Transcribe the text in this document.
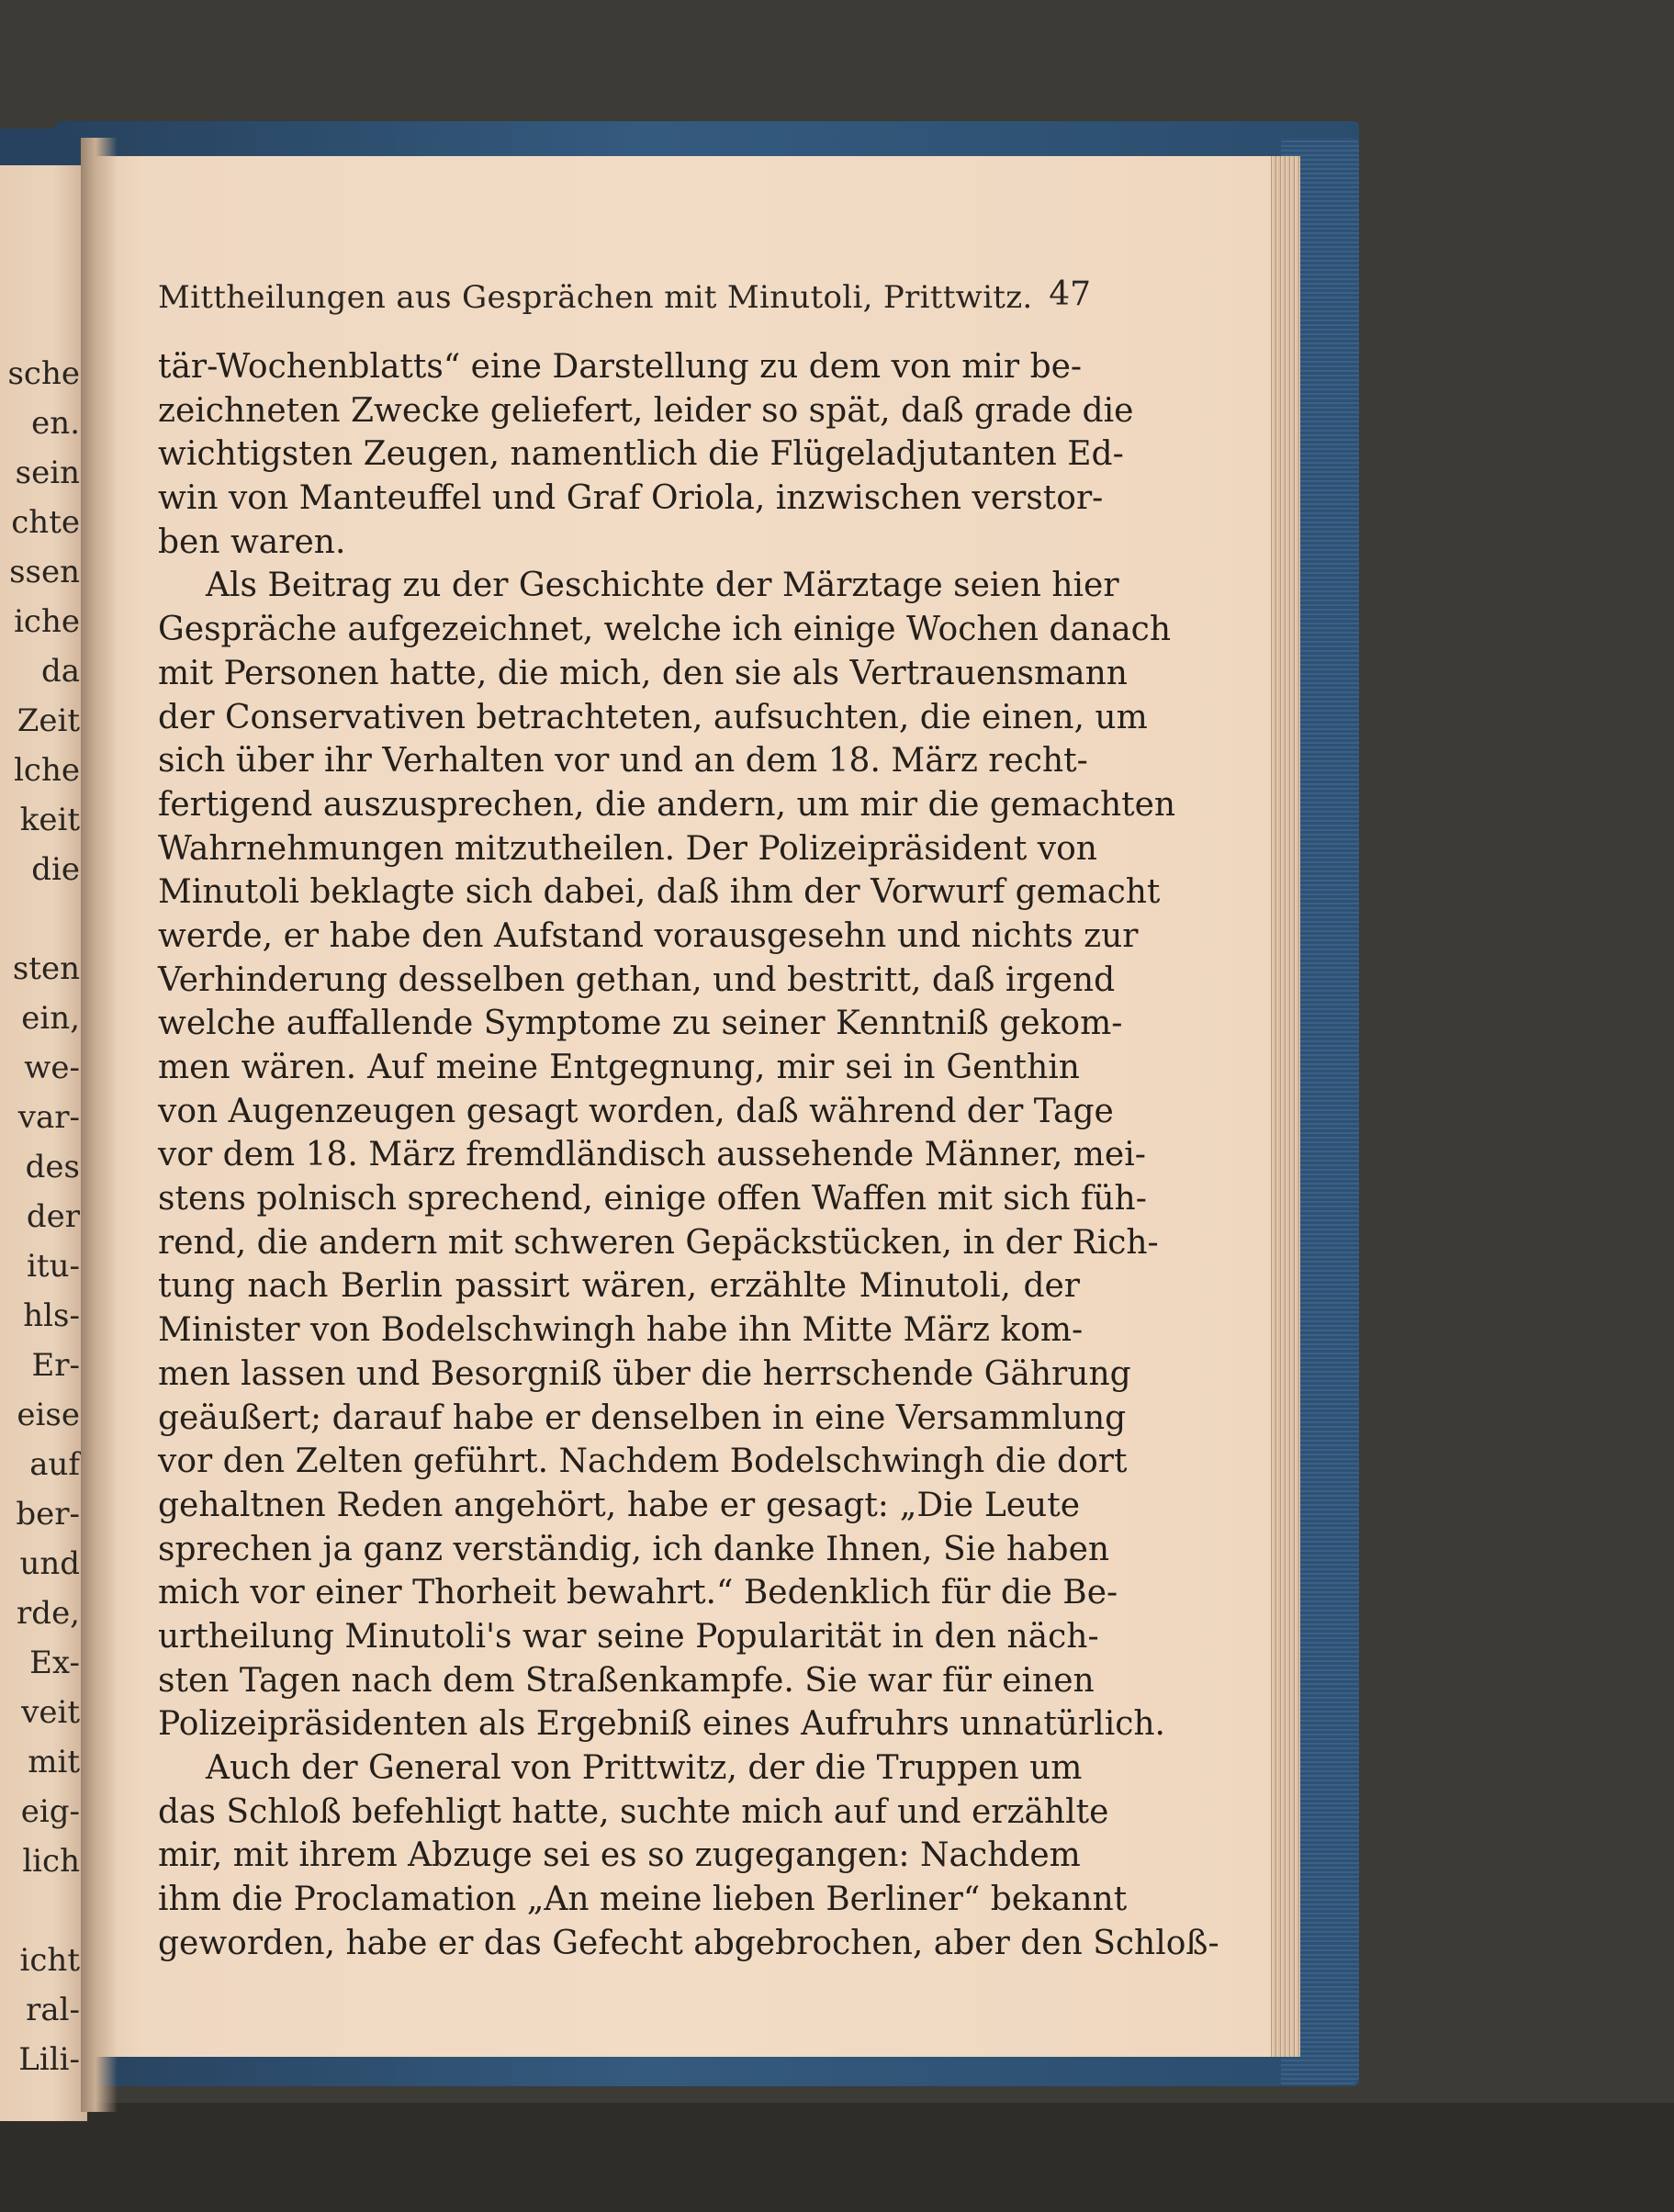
sche
en.
sein
chte
ssen
iche
da
Zeit
lche
keit
die
sten
ein,
we-
var-
des
der
itu-
hls-
Er-
eise
auf
ber-
und
rde,
Ex-
veit
mit
eig-
lich
icht
ral-
Lili-
Mittheilungen aus Gesprächen mit Minutoli, Prittwitz. 47
tär-Wochenblatts“ eine Darstellung zu dem von mir be-
zeichneten Zwecke geliefert, leider so spät, daß grade die
wichtigsten Zeugen, namentlich die Flügeladjutanten Ed-
win von Manteuffel und Graf Oriola, inzwischen verstor-
ben waren.
Als Beitrag zu der Geschichte der Märztage seien hier
Gespräche aufgezeichnet, welche ich einige Wochen danach
mit Personen hatte, die mich, den sie als Vertrauensmann
der Conservativen betrachteten, aufsuchten, die einen, um
sich über ihr Verhalten vor und an dem 18. März recht-
fertigend auszusprechen, die andern, um mir die gemachten
Wahrnehmungen mitzutheilen. Der Polizeipräsident von
Minutoli beklagte sich dabei, daß ihm der Vorwurf gemacht
werde, er habe den Aufstand vorausgesehn und nichts zur
Verhinderung desselben gethan, und bestritt, daß irgend
welche auffallende Symptome zu seiner Kenntniß gekom-
men wären. Auf meine Entgegnung, mir sei in Genthin
von Augenzeugen gesagt worden, daß während der Tage
vor dem 18. März fremdländisch aussehende Männer, mei-
stens polnisch sprechend, einige offen Waffen mit sich füh-
rend, die andern mit schweren Gepäckstücken, in der Rich-
tung nach Berlin passirt wären, erzählte Minutoli, der
Minister von Bodelschwingh habe ihn Mitte März kom-
men lassen und Besorgniß über die herrschende Gährung
geäußert; darauf habe er denselben in eine Versammlung
vor den Zelten geführt. Nachdem Bodelschwingh die dort
gehaltnen Reden angehört, habe er gesagt: „Die Leute
sprechen ja ganz verständig, ich danke Ihnen, Sie haben
mich vor einer Thorheit bewahrt.“ Bedenklich für die Be-
urtheilung Minutoli's war seine Popularität in den näch-
sten Tagen nach dem Straßenkampfe. Sie war für einen
Polizeipräsidenten als Ergebniß eines Aufruhrs unnatürlich.
Auch der General von Prittwitz, der die Truppen um
das Schloß befehligt hatte, suchte mich auf und erzählte
mir, mit ihrem Abzuge sei es so zugegangen: Nachdem
ihm die Proclamation „An meine lieben Berliner“ bekannt
geworden, habe er das Gefecht abgebrochen, aber den Schloß-
